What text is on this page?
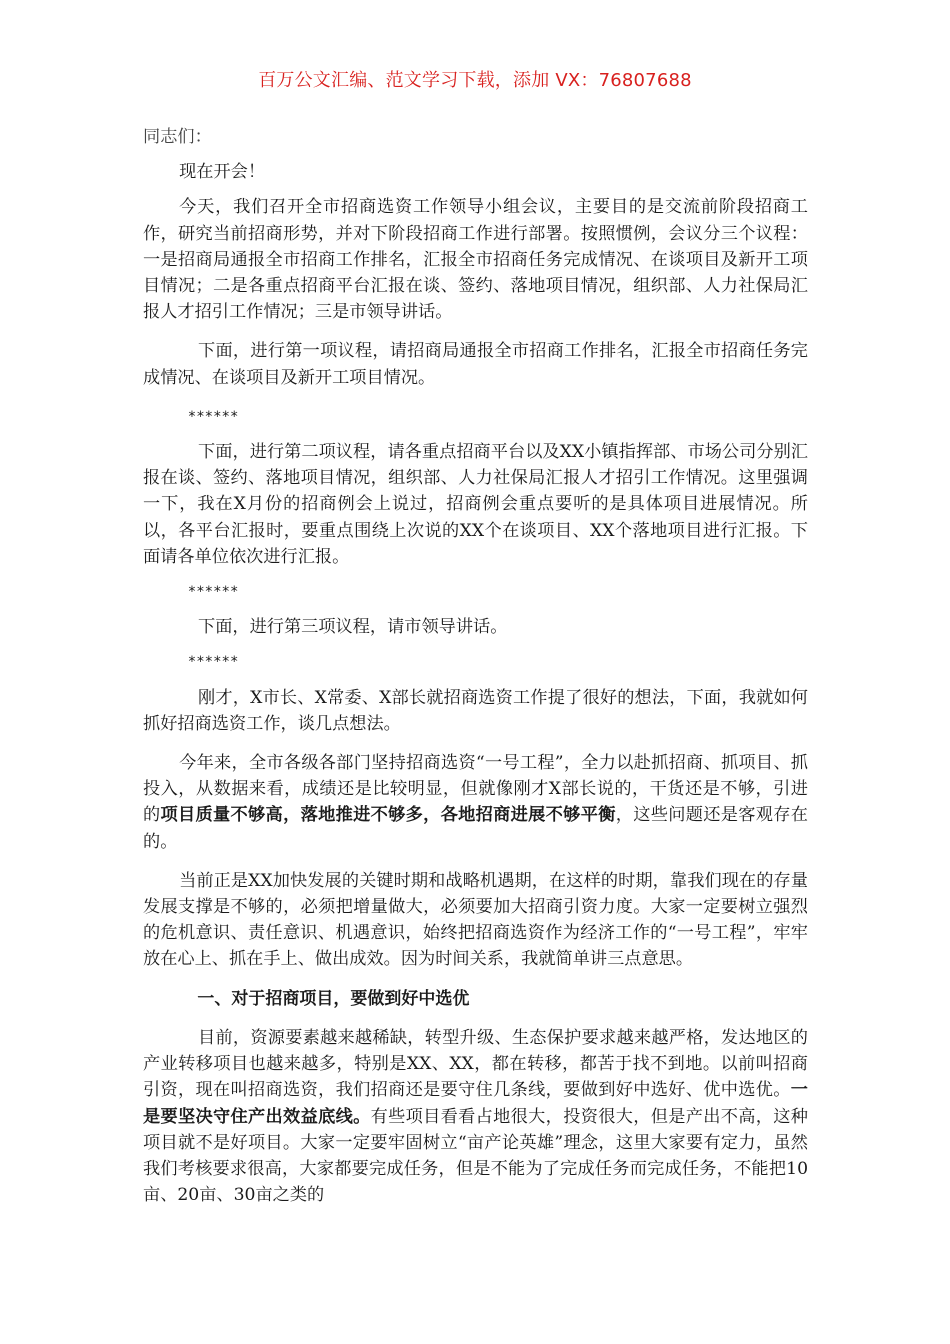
百万公文汇编、范文学习下载，添加 VX：76807688

同志们：

现在开会！

今天，我们召开全市招商选资工作领导小组会议，主要目的是交流前阶段招商工作，研究当前招商形势，并对下阶段招商工作进行部署。按照惯例，会议分三个议程：一是招商局通报全市招商工作排名，汇报全市招商任务完成情况、在谈项目及新开工项目情况；二是各重点招商平台汇报在谈、签约、落地项目情况，组织部、人力社保局汇报人才招引工作情况；三是市领导讲话。

下面，进行第一项议程，请招商局通报全市招商工作排名，汇报全市招商任务完成情况、在谈项目及新开工项目情况。

******

下面，进行第二项议程，请各重点招商平台以及XX小镇指挥部、市场公司分别汇报在谈、签约、落地项目情况，组织部、人力社保局汇报人才招引工作情况。这里强调一下，我在X月份的招商例会上说过，招商例会重点要听的是具体项目进展情况。所以，各平台汇报时，要重点围绕上次说的XX个在谈项目、XX个落地项目进行汇报。下面请各单位依次进行汇报。

******

下面，进行第三项议程，请市领导讲话。

******

刚才，X市长、X常委、X部长就招商选资工作提了很好的想法，下面，我就如何抓好招商选资工作，谈几点想法。

今年来，全市各级各部门坚持招商选资“一号工程”，全力以赴抓招商、抓项目、抓投入，从数据来看，成绩还是比较明显，但就像刚才X部长说的，干货还是不够，引进的项目质量不够高，落地推进不够多，各地招商进展不够平衡，这些问题还是客观存在的。

当前正是XX加快发展的关键时期和战略机遇期，在这样的时期，靠我们现在的存量发展支撑是不够的，必须把增量做大，必须要加大招商引资力度。大家一定要树立强烈的危机意识、责任意识、机遇意识，始终把招商选资作为经济工作的“一号工程”，牢牢放在心上、抓在手上、做出成效。因为时间关系，我就简单讲三点意思。

一、对于招商项目，要做到好中选优

目前，资源要素越来越稀缺，转型升级、生态保护要求越来越严格，发达地区的产业转移项目也越来越多，特别是XX、XX，都在转移，都苦于找不到地。以前叫招商引资，现在叫招商选资，我们招商还是要守住几条线，要做到好中选好、优中选优。一是要坚决守住产出效益底线。有些项目看看占地很大，投资很大，但是产出不高，这种项目就不是好项目。大家一定要牢固树立“亩产论英雄”理念，这里大家要有定力，虽然我们考核要求很高，大家都要完成任务，但是不能为了完成任务而完成任务，不能把10亩、20亩、30亩之类的
